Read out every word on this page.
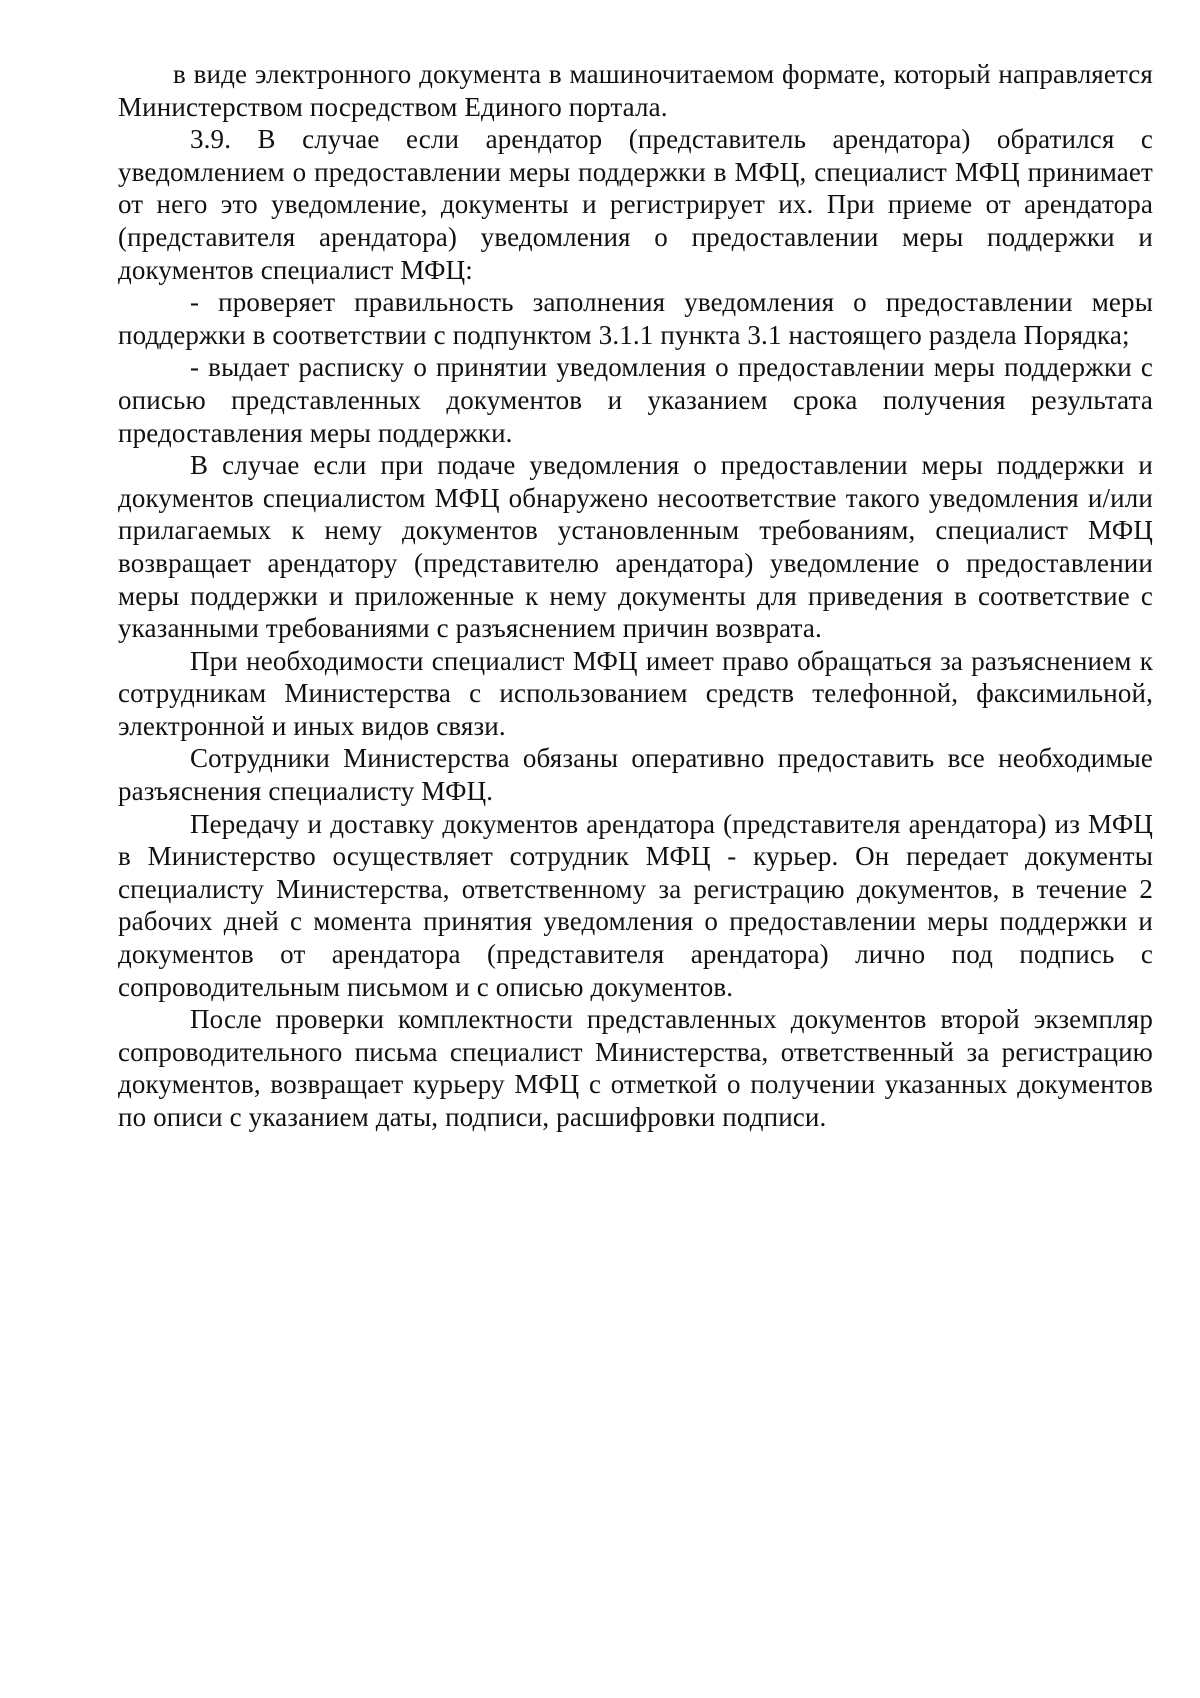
в виде электронного документа в машиночитаемом формате, который направляется Министерством посредством Единого портала.

3.9. В случае если арендатор (представитель арендатора) обратился с уведомлением о предоставлении меры поддержки в МФЦ, специалист МФЦ принимает от него это уведомление, документы и регистрирует их. При приеме от арендатора (представителя арендатора) уведомления о предоставлении меры поддержки и документов специалист МФЦ:

- проверяет правильность заполнения уведомления о предоставлении меры поддержки в соответствии с подпунктом 3.1.1 пункта 3.1 настоящего раздела Порядка;

- выдает расписку о принятии уведомления о предоставлении меры поддержки с описью представленных документов и указанием срока получения результата предоставления меры поддержки.

В случае если при подаче уведомления о предоставлении меры поддержки и документов специалистом МФЦ обнаружено несоответствие такого уведомления и/или прилагаемых к нему документов установленным требованиям, специалист МФЦ возвращает арендатору (представителю арендатора) уведомление о предоставлении меры поддержки и приложенные к нему документы для приведения в соответствие с указанными требованиями с разъяснением причин возврата.

При необходимости специалист МФЦ имеет право обращаться за разъяснением к сотрудникам Министерства с использованием средств телефонной, факсимильной, электронной и иных видов связи.

Сотрудники Министерства обязаны оперативно предоставить все необходимые разъяснения специалисту МФЦ.

Передачу и доставку документов арендатора (представителя арендатора) из МФЦ в Министерство осуществляет сотрудник МФЦ - курьер. Он передает документы специалисту Министерства, ответственному за регистрацию документов, в течение 2 рабочих дней с момента принятия уведомления о предоставлении меры поддержки и документов от арендатора (представителя арендатора) лично под подпись с сопроводительным письмом и с описью документов.

После проверки комплектности представленных документов второй экземпляр сопроводительного письма специалист Министерства, ответственный за регистрацию документов, возвращает курьеру МФЦ с отметкой о получении указанных документов по описи с указанием даты, подписи, расшифровки подписи.
